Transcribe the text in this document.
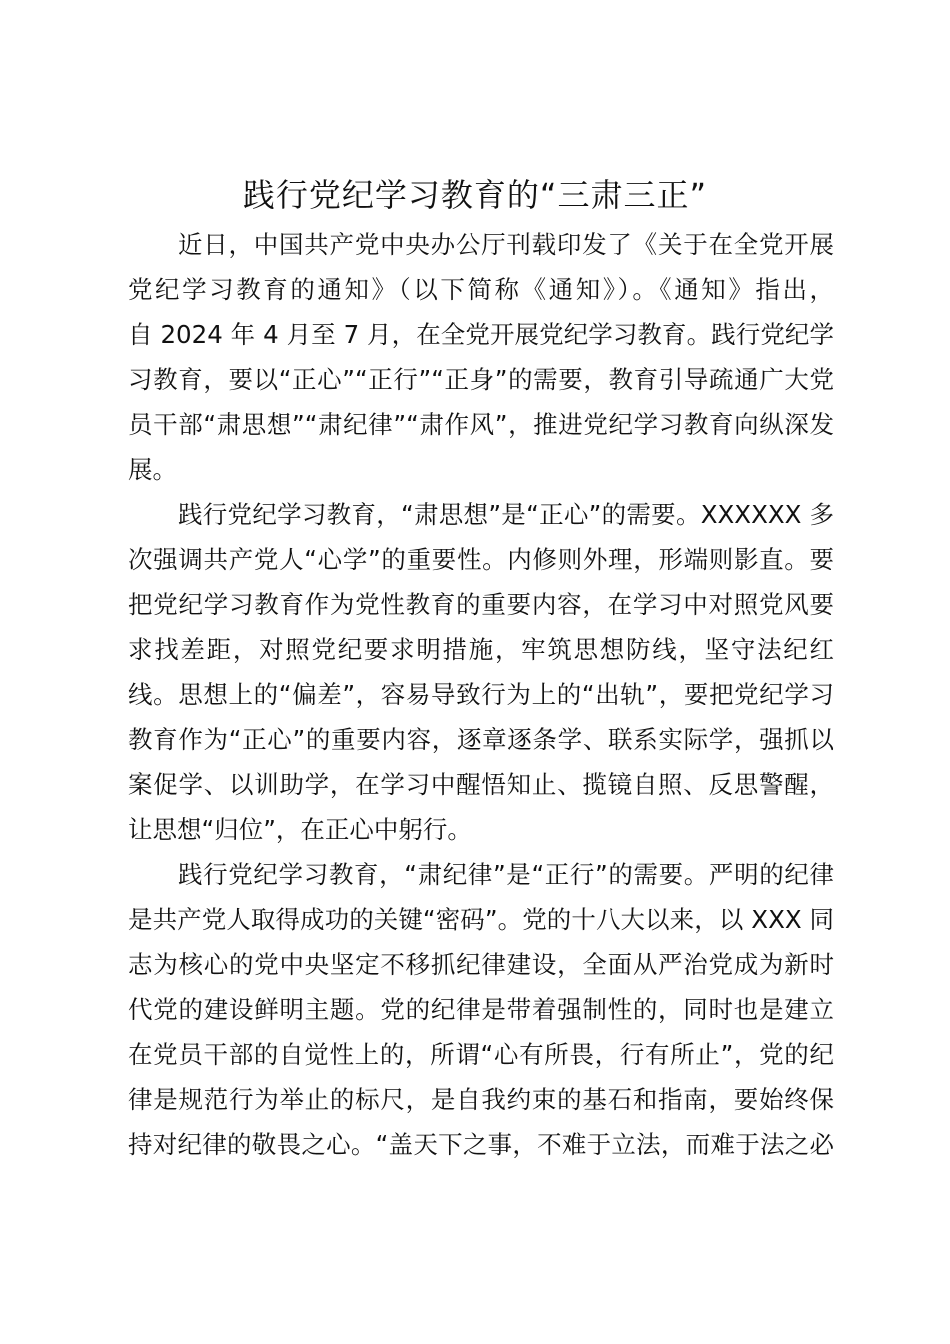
践行党纪学习教育的“三肃三正”
近日，中国共产党中央办公厅刊载印发了《关于在全党开展
党纪学习教育的通知》（以下简称《通知》）。《通知》指出，
自 2024 年 4 月至 7 月，在全党开展党纪学习教育。践行党纪学
习教育，要以“正心”“正行”“正身”的需要，教育引导疏通广大党
员干部“肃思想”“肃纪律”“肃作风”，推进党纪学习教育向纵深发
展。
践行党纪学习教育，“肃思想”是“正心”的需要。XXXXXX 多
次强调共产党人“心学”的重要性。内修则外理，形端则影直。要
把党纪学习教育作为党性教育的重要内容，在学习中对照党风要
求找差距，对照党纪要求明措施，牢筑思想防线，坚守法纪红
线。思想上的“偏差”，容易导致行为上的“出轨”，要把党纪学习
教育作为“正心”的重要内容，逐章逐条学、联系实际学，强抓以
案促学、以训助学，在学习中醒悟知止、揽镜自照、反思警醒，
让思想“归位”，在正心中躬行。
践行党纪学习教育，“肃纪律”是“正行”的需要。严明的纪律
是共产党人取得成功的关键“密码”。党的十八大以来，以 XXX 同
志为核心的党中央坚定不移抓纪律建设，全面从严治党成为新时
代党的建设鲜明主题。党的纪律是带着强制性的，同时也是建立
在党员干部的自觉性上的，所谓“心有所畏，行有所止”，党的纪
律是规范行为举止的标尺，是自我约束的基石和指南，要始终保
持对纪律的敬畏之心。“盖天下之事，不难于立法，而难于法之必
